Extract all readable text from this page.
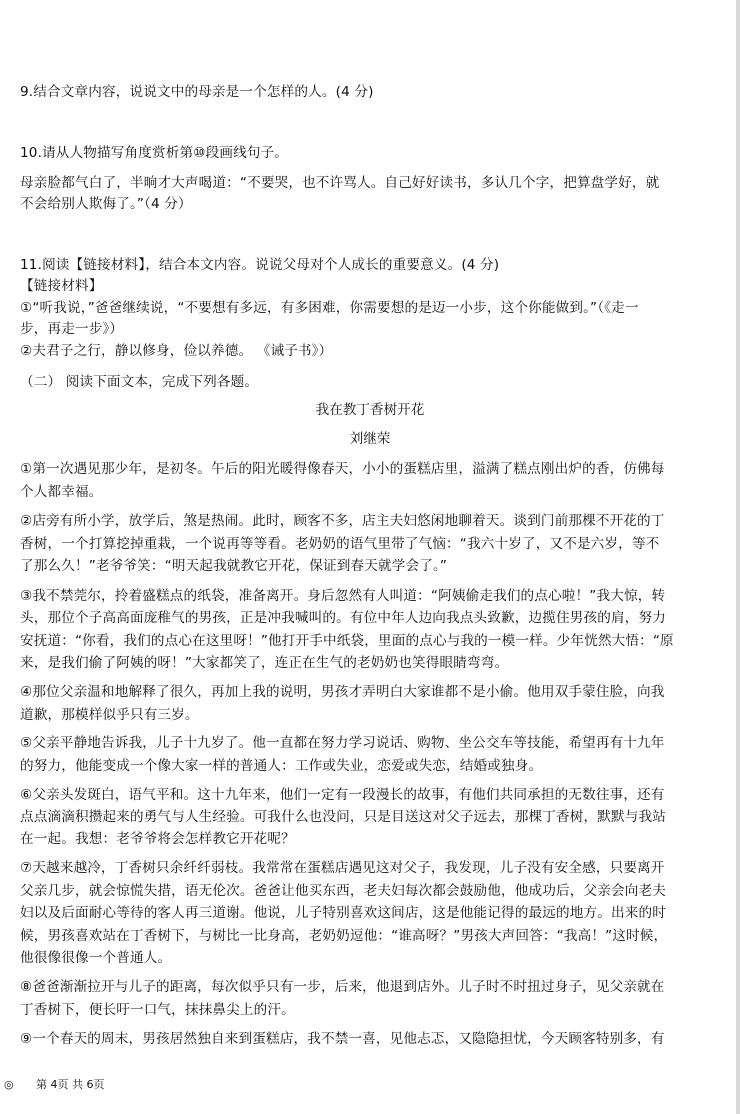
9.结合文章内容，说说文中的母亲是一个怎样的人。(4 分)
10.请从人物描写角度赏析第⑩段画线句子。
母亲脸都气白了，半晌才大声喝道：“不要哭，也不许骂人。自己好好读书，多认几个字，把算盘学好，就
不会给别人欺侮了。”（4 分）
11.阅读【链接材料】，结合本文内容。说说父母对个人成长的重要意义。(4 分)
【链接材料】
①“听我说，”爸爸继续说，“不要想有多远，有多困难，你需要想的是迈一小步，这个你能做到。”（《走一
步，再走一步》）
②夫君子之行，静以修身，俭以养德。 《诫子书》）
（二） 阅读下面文本，完成下列各题。
我在教丁香树开花
刘继荣
①第一次遇见那少年，是初冬。午后的阳光暖得像春天，小小的蛋糕店里，溢满了糕点刚出炉的香，仿佛每
个人都幸福。
②店旁有所小学，放学后，煞是热闹。此时，顾客不多，店主夫妇悠闲地聊着天。谈到门前那棵不开花的丁
香树，一个打算挖掉重栽，一个说再等等看。老奶奶的语气里带了气恼：“我六十岁了，又不是六岁，等不
了那么久！”老爷爷笑：“明天起我就教它开花，保证到春天就学会了。”
③我不禁莞尔，拎着盛糕点的纸袋，准备离开。身后忽然有人叫道：“阿姨偷走我们的点心啦！”我大惊，转
头，那位个子高高面庞稚气的男孩，正是冲我喊叫的。有位中年人边向我点头致歉，边揽住男孩的肩，努力
安抚道：“你看，我们的点心在这里呀！”他打开手中纸袋，里面的点心与我的一模一样。少年恍然大悟：“原
来，是我们偷了阿姨的呀！”大家都笑了，连正在生气的老奶奶也笑得眼睛弯弯。
④那位父亲温和地解释了很久，再加上我的说明，男孩才弄明白大家谁都不是小偷。他用双手蒙住脸，向我
道歉，那模样似乎只有三岁。
⑤父亲平静地告诉我，儿子十九岁了。他一直都在努力学习说话、购物、坐公交车等技能，希望再有十九年
的努力，他能变成一个像大家一样的普通人：工作或失业，恋爱或失恋，结婚或独身。
⑥父亲头发斑白，语气平和。这十九年来，他们一定有一段漫长的故事，有他们共同承担的无数往事，还有
点点滴滴积攒起来的勇气与人生经验。可我什么也没问，只是目送这对父子远去，那棵丁香树，默默与我站
在一起。我想：老爷爷将会怎样教它开花呢？
⑦天越来越冷，丁香树只余纤纤弱枝。我常常在蛋糕店遇见这对父子，我发现，儿子没有安全感，只要离开
父亲几步，就会惊慌失措，语无伦次。爸爸让他买东西，老夫妇每次都会鼓励他，他成功后，父亲会向老夫
妇以及后面耐心等待的客人再三道谢。他说，儿子特别喜欢这间店，这是他能记得的最远的地方。出来的时
候，男孩喜欢站在丁香树下，与树比一比身高，老奶奶逗他：“谁高呀？”男孩大声回答：“我高！”这时候，
他很像很像一个普通人。
⑧爸爸渐渐拉开与儿子的距离，每次似乎只有一步，后来，他退到店外。儿子时不时扭过身子，见父亲就在
丁香树下，便长吁一口气，抹抹鼻尖上的汗。
⑨一个春天的周末，男孩居然独自来到蛋糕店，我不禁一喜，见他忐忑，又隐隐担忧，今天顾客特别多，有
◎ 第 4页 共 6页
